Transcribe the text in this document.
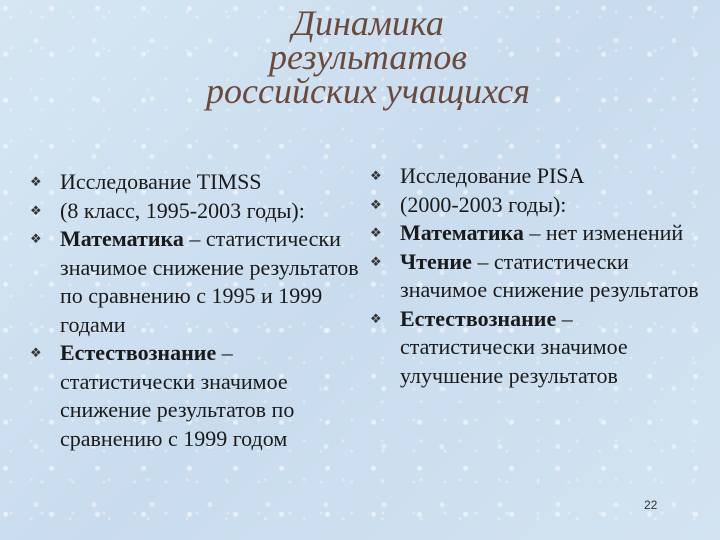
Динамика
результатов
российских учащихся
❖ Исследование TIMSS
❖ (8 класс, 1995-2003 годы):
❖ Математика – статистически значимое снижение результатов по сравнению с 1995 и 1999 годами
❖ Естествознание – статистически значимое снижение результатов по сравнению с 1999 годом
❖ Исследование PISA
❖ (2000-2003 годы):
❖ Математика – нет изменений
❖ Чтение – статистически
значимое снижение результатов
❖ Естествознание –
статистически значимое
улучшение результатов
22
